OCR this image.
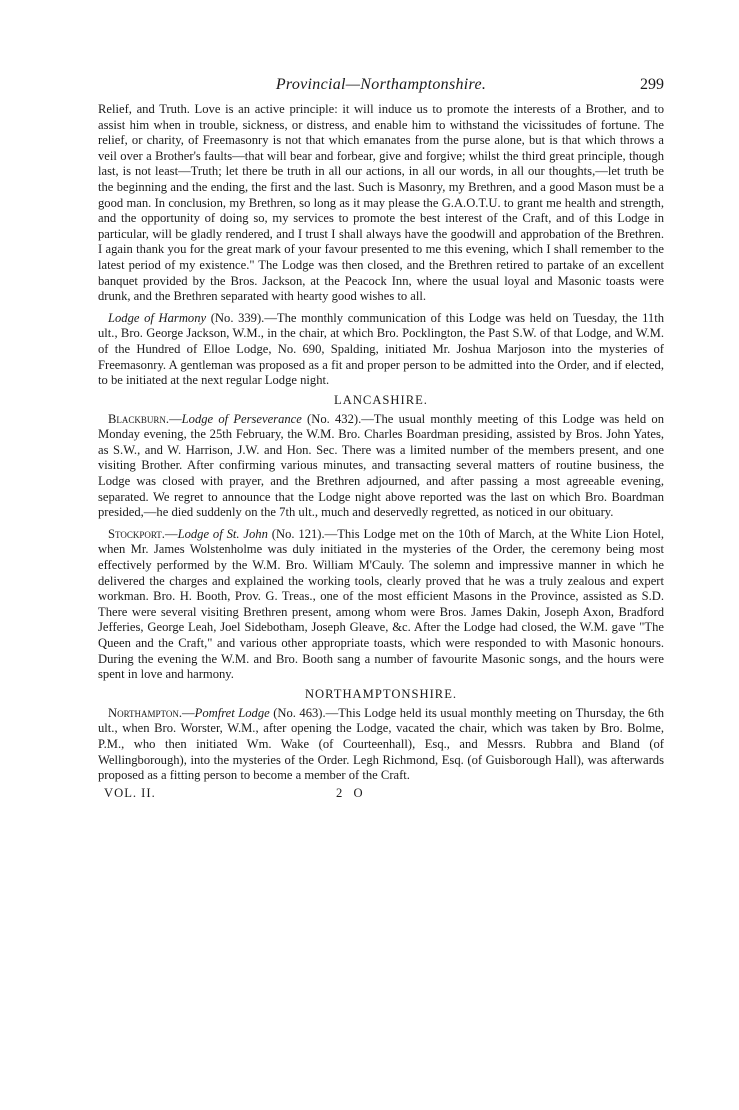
Provincial—Northamptonshire.	299

Relief, and Truth. Love is an active principle: it will induce us to promote the interests of a Brother, and to assist him when in trouble, sickness, or distress, and enable him to withstand the vicissitudes of fortune. The relief, or charity, of Freemasonry is not that which emanates from the purse alone, but is that which throws a veil over a Brother's faults—that will bear and forbear, give and forgive; whilst the third great principle, though last, is not least—Truth; let there be truth in all our actions, in all our words, in all our thoughts,—let truth be the beginning and the ending, the first and the last. Such is Masonry, my Brethren, and a good Mason must be a good man. In conclusion, my Brethren, so long as it may please the G.A.O.T.U. to grant me health and strength, and the opportunity of doing so, my services to promote the best interest of the Craft, and of this Lodge in particular, will be gladly rendered, and I trust I shall always have the goodwill and approbation of the Brethren. I again thank you for the great mark of your favour presented to me this evening, which I shall remember to the latest period of my existence." The Lodge was then closed, and the Brethren retired to partake of an excellent banquet provided by the Bros. Jackson, at the Peacock Inn, where the usual loyal and Masonic toasts were drunk, and the Brethren separated with hearty good wishes to all.

Lodge of Harmony (No. 339).—The monthly communication of this Lodge was held on Tuesday, the 11th ult., Bro. George Jackson, W.M., in the chair, at which Bro. Pocklington, the Past S.W. of that Lodge, and W.M. of the Hundred of Elloe Lodge, No. 690, Spalding, initiated Mr. Joshua Marjoson into the mysteries of Freemasonry. A gentleman was proposed as a fit and proper person to be admitted into the Order, and if elected, to be initiated at the next regular Lodge night.

LANCASHIRE.

Blackburn.—Lodge of Perseverance (No. 432).—The usual monthly meeting of this Lodge was held on Monday evening, the 25th February, the W.M. Bro. Charles Boardman presiding, assisted by Bros. John Yates, as S.W., and W. Harrison, J.W. and Hon. Sec. There was a limited number of the members present, and one visiting Brother. After confirming various minutes, and transacting several matters of routine business, the Lodge was closed with prayer, and the Brethren adjourned, and after passing a most agreeable evening, separated. We regret to announce that the Lodge night above reported was the last on which Bro. Boardman presided,—he died suddenly on the 7th ult., much and deservedly regretted, as noticed in our obituary.

Stockport.—Lodge of St. John (No. 121).—This Lodge met on the 10th of March, at the White Lion Hotel, when Mr. James Wolstenholme was duly initiated in the mysteries of the Order, the ceremony being most effectively performed by the W.M. Bro. William M'Cauly. The solemn and impressive manner in which he delivered the charges and explained the working tools, clearly proved that he was a truly zealous and expert workman. Bro. H. Booth, Prov. G. Treas., one of the most efficient Masons in the Province, assisted as S.D. There were several visiting Brethren present, among whom were Bros. James Dakin, Joseph Axon, Bradford Jefferies, George Leah, Joel Sidebotham, Joseph Gleave, &c. After the Lodge had closed, the W.M. gave "The Queen and the Craft," and various other appropriate toasts, which were responded to with Masonic honours. During the evening the W.M. and Bro. Booth sang a number of favourite Masonic songs, and the hours were spent in love and harmony.

NORTHAMPTONSHIRE.

Northampton.—Pomfret Lodge (No. 463).—This Lodge held its usual monthly meeting on Thursday, the 6th ult., when Bro. Worster, W.M., after opening the Lodge, vacated the chair, which was taken by Bro. Bolme, P.M., who then initiated Wm. Wake (of Courteenhall), Esq., and Messrs. Rubbra and Bland (of Wellingborough), into the mysteries of the Order. Legh Richmond, Esq. (of Guisborough Hall), was afterwards proposed as a fitting person to become a member of the Craft.

VOL. II.	2 O
